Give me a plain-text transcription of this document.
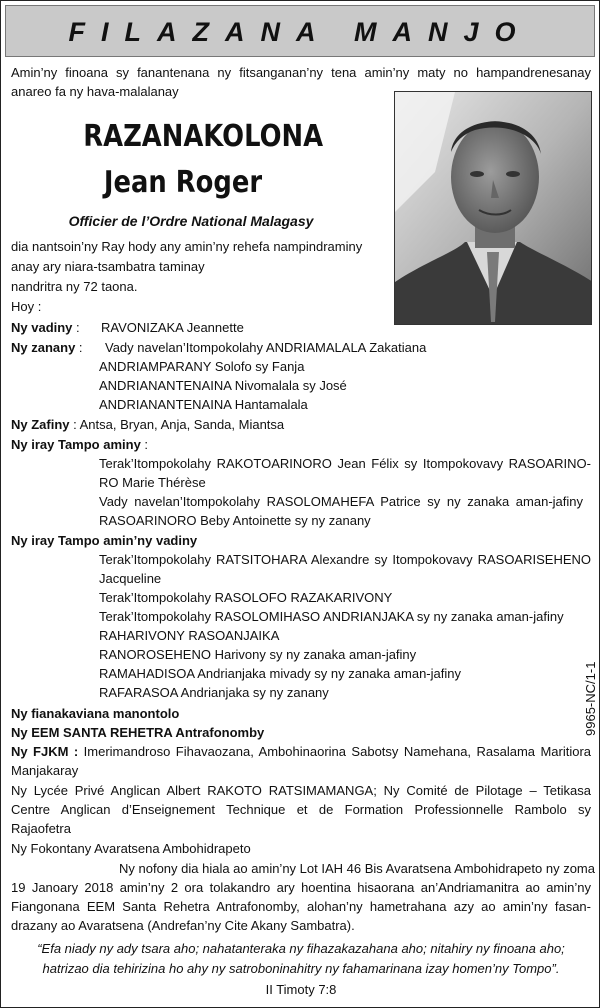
FILAZANA MANJO
Amin’ny finoana sy fanantenana ny fitsanganan’ny tena amin’ny maty no hampandrenesanay
anareo fa ny hava-malalanay
RAZANAKOLONA
Jean Roger
Officier de l’Ordre National Malagasy
dia nantsoin’ny Ray hody any amin’ny rehefa nampindraminy
anay ary niara-tsambatra taminay
nandritra ny 72 taona.
Hoy :
Ny vadiny : RAVONIZAKA Jeannette
Ny zanany : Vady navelan’Itompokolahy ANDRIAMALALA Zakatiana
ANDRIAMPARANY Solofo sy Fanja
ANDRIANANTENAINA Nivomalala sy José
ANDRIANANTENAINA Hantamalala
Ny Zafiny : Antsa, Bryan, Anja, Sanda, Miantsa
Ny iray Tampo aminy :
Terak’Itompokolahy RAKOTOARINORO Jean Félix sy Itompokovavy RASOARINO-
RO Marie Thérèse
Vady navelan’Itompokolahy RASOLOMAHEFA Patrice sy ny zanaka aman-jafiny
RASOARINORO Beby Antoinette sy ny zanany
Ny iray Tampo amin’ny vadiny
Terak’Itompokolahy RATSITOHARA Alexandre sy Itompokovavy RASOARISEHENO
Jacqueline
Terak’Itompokolahy RASOLOFO RAZAKARIVONY
Terak’Itompokolahy RASOLOMIHASO ANDRIANJAKA sy ny zanaka aman-jafiny
RAHARIVONY RASOANJAIKA
RANOROSEHENO Harivony sy ny zanaka aman-jafiny
RAMAHADISOA Andrianjaka mivady sy ny zanaka aman-jafiny
RAFARASOA Andrianjaka sy ny zanany	9965-NC/1-1
Ny fianakaviana manontolo
Ny EEM SANTA REHETRA Antrafonomby
Ny FJKM : Imerimandroso Fihavaozana, Ambohinaorina Sabotsy Namehana, Rasalama Maritiora
Manjakaray
Ny Lycée Privé Anglican Albert RAKOTO RATSIMAMANGA; Ny Comité de Pilotage – Tetikasa
Centre Anglican d’Enseignement Technique et de Formation Professionnelle Rambolo sy
Rajaofetra
Ny Fokontany Avaratsena Ambohidrapeto
Ny nofony dia hiala ao amin’ny Lot IAH 46 Bis Avaratsena Ambohidrapeto ny zoma
19 Janoary 2018 amin’ny 2 ora tolakandro ary hoentina hisaorana an’Andriamanitra ao amin’ny
Fiangonana EEM Santa Rehetra Antrafonomby, alohan’ny hametrahana azy ao amin’ny fasan-
drazany ao Avaratsena (Andrefan’ny Cite Akany Sambatra).
“Efa niady ny ady tsara aho; nahatanteraka ny fihazakazahana aho; nitahiry ny finoana aho;
hatrizao dia tehirizina ho ahy ny satroboninahitry ny fahamarinana izay homen’ny Tompo”.
II Timoty 7:8
